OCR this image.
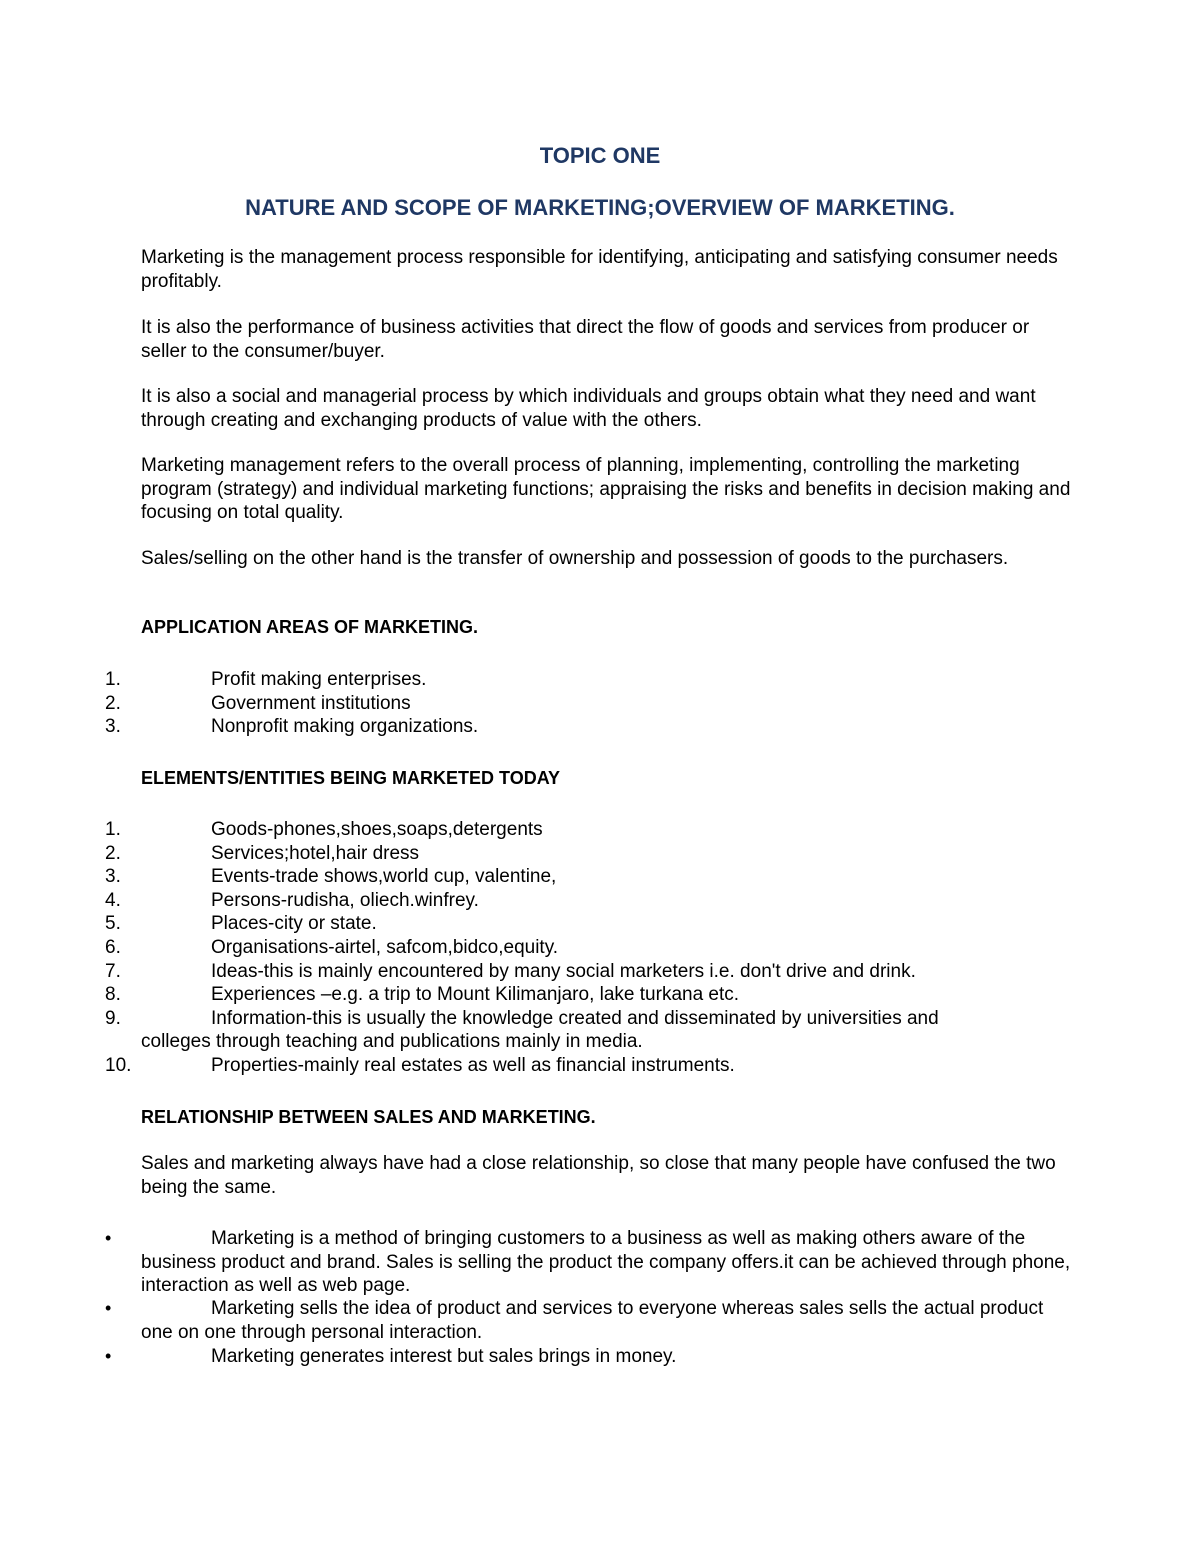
TOPIC ONE
NATURE AND SCOPE OF MARKETING;OVERVIEW OF MARKETING.
Marketing is the management process responsible for identifying, anticipating and satisfying consumer needs profitably.
It is also the performance of business activities that direct the flow of goods and services from producer or seller to the consumer/buyer.
It is also a social and managerial process by which individuals and groups obtain what they need and want through creating and exchanging products of value with the others.
Marketing management refers to the overall process of planning, implementing, controlling the marketing program (strategy) and individual marketing functions; appraising the risks and benefits in decision making and focusing on total quality.
Sales/selling on the other hand is the transfer of ownership and possession of goods to the purchasers.
APPLICATION AREAS OF MARKETING.
1.	Profit making enterprises.
2.	Government institutions
3.	Nonprofit making organizations.
ELEMENTS/ENTITIES BEING MARKETED TODAY
1.	Goods-phones,shoes,soaps,detergents
2.	Services;hotel,hair dress
3.	Events-trade shows,world cup, valentine,
4.	Persons-rudisha, oliech.winfrey.
5.	Places-city or state.
6.	Organisations-airtel, safcom,bidco,equity.
7.	Ideas-this is mainly encountered by many social marketers i.e. don't drive and drink.
8.	Experiences –e.g. a trip to Mount Kilimanjaro, lake turkana etc.
9.	Information-this is usually the knowledge created and disseminated by universities and
colleges through teaching and publications mainly in media.
10.	Properties-mainly real estates as well as financial instruments.
RELATIONSHIP BETWEEN SALES AND MARKETING.
Sales and marketing always have had a close relationship, so close that many people have confused the two being the same.
•	Marketing is a method of bringing customers to a business as well as making others aware of the business product and brand. Sales is selling the product the company offers.it can be achieved through phone, interaction as well as web page.
•	Marketing sells the idea of product and services to everyone whereas sales sells the actual product one on one through personal interaction.
•	Marketing generates interest but sales brings in money.
